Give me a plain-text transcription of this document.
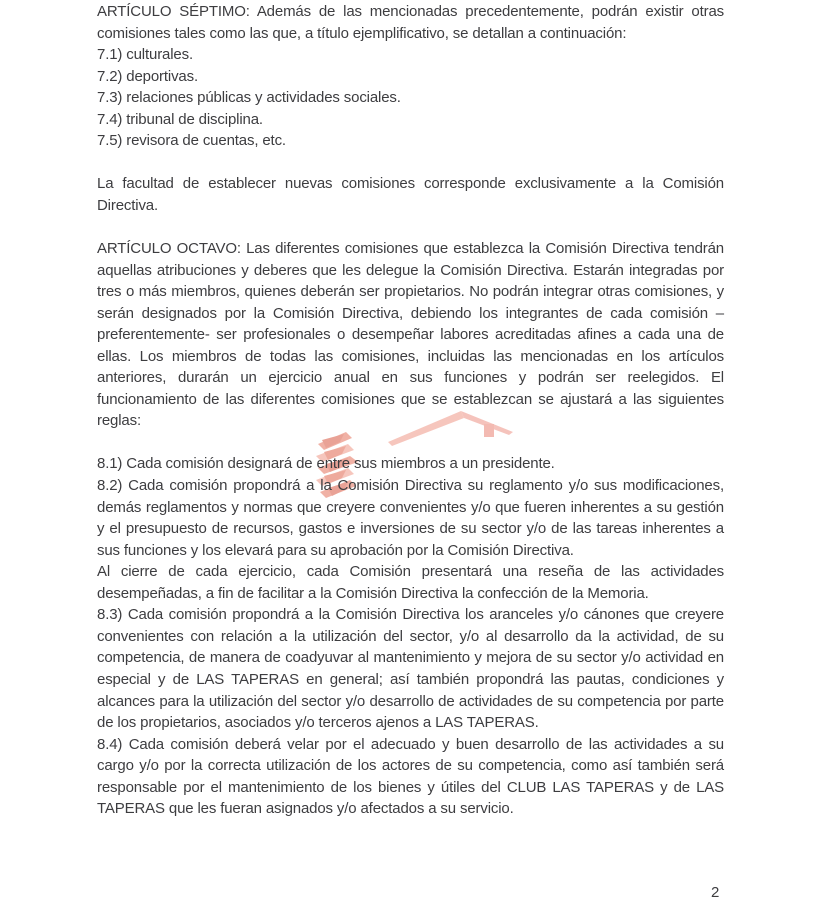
ARTÍCULO SÉPTIMO: Además de las mencionadas precedentemente, podrán existir otras comisiones tales como las que, a título ejemplificativo, se detallan a continuación:

7.1) culturales.

7.2) deportivas.

7.3) relaciones públicas y actividades sociales.

7.4) tribunal de disciplina.

7.5) revisora de cuentas, etc.

La facultad de establecer nuevas comisiones corresponde exclusivamente a la Comisión Directiva.

ARTÍCULO OCTAVO: Las diferentes comisiones que establezca la Comisión Directiva tendrán aquellas atribuciones y deberes que les delegue la Comisión Directiva. Estarán integradas por tres o más miembros, quienes deberán ser propietarios. No podrán integrar otras comisiones, y serán designados por la Comisión Directiva, debiendo los integrantes de cada comisión – preferentemente- ser profesionales o desempeñar labores acreditadas afines a cada una de ellas. Los miembros de todas las comisiones, incluidas las mencionadas en los artículos anteriores, durarán un ejercicio anual en sus funciones y podrán ser reelegidos. El funcionamiento de las diferentes comisiones que se establezcan se ajustará a las siguientes reglas:

8.1) Cada comisión designará de entre sus miembros a un presidente.

8.2) Cada comisión propondrá a la Comisión Directiva su reglamento y/o sus modificaciones, demás reglamentos y normas que creyere convenientes y/o que fueren inherentes a su gestión y el presupuesto de recursos, gastos e inversiones de su sector y/o de las tareas inherentes a sus funciones y los elevará para su aprobación por la Comisión Directiva.

Al cierre de cada ejercicio, cada Comisión presentará una reseña de las actividades desempeñadas, a fin de facilitar a la Comisión Directiva la confección de la Memoria.

8.3) Cada comisión propondrá a la Comisión Directiva los aranceles y/o cánones que creyere convenientes con relación a la utilización del sector, y/o al desarrollo da la actividad, de su competencia, de manera de coadyuvar al mantenimiento y mejora de su sector y/o actividad en especial y de LAS TAPERAS en general; así también propondrá las pautas, condiciones y alcances para la utilización del sector y/o desarrollo de actividades de su competencia por parte de los propietarios, asociados y/o terceros ajenos a LAS TAPERAS.

8.4) Cada comisión deberá velar por el adecuado y buen desarrollo de las actividades a su cargo y/o por la correcta utilización de los actores de su competencia, como así también será responsable por el mantenimiento de los bienes y útiles del CLUB LAS TAPERAS y de LAS TAPERAS que les fueran asignados y/o afectados a su servicio.

2
